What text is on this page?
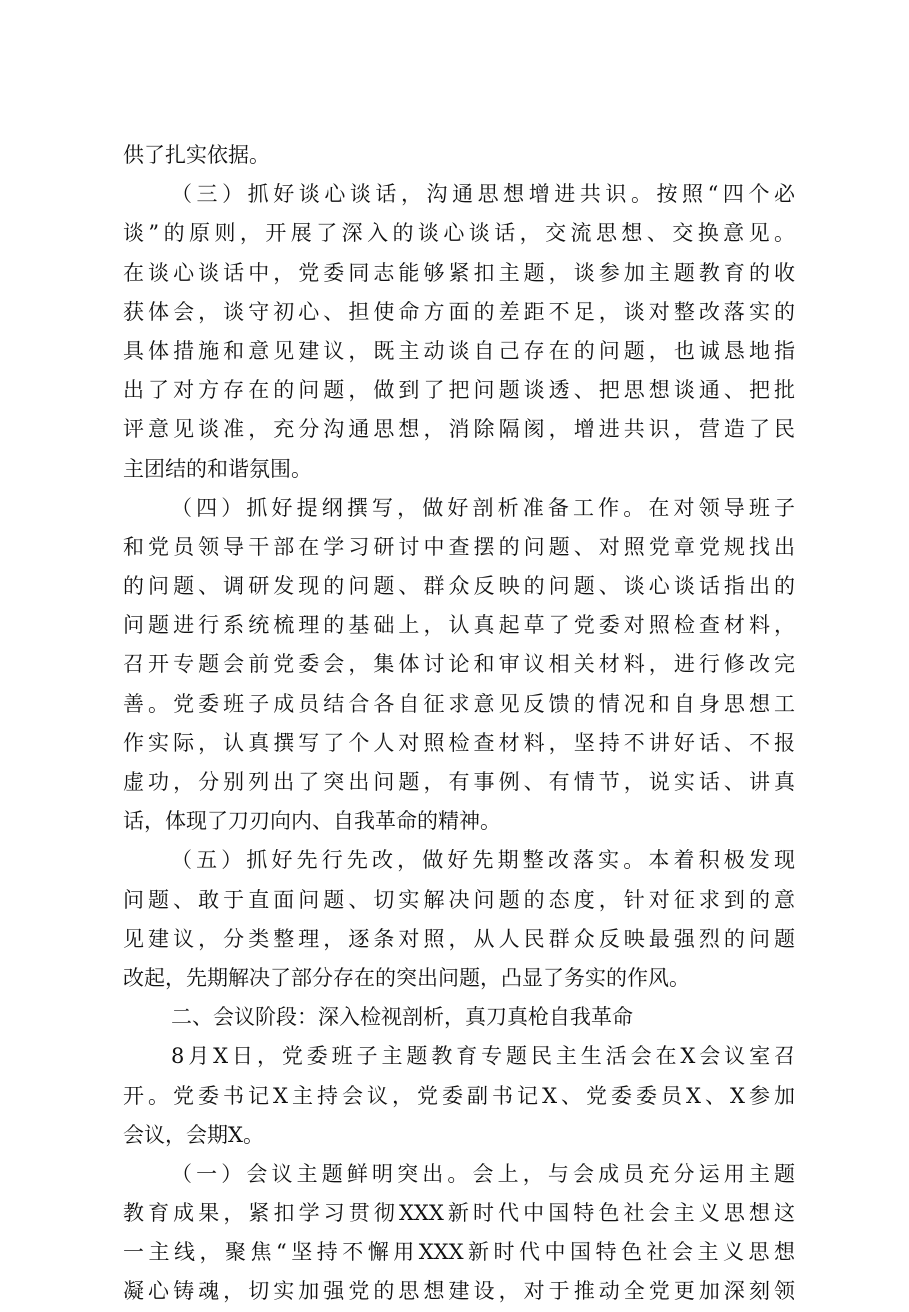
供了扎实依据。
（三）抓好谈心谈话，沟通思想增进共识。按照“四个必
谈”的原则，开展了深入的谈心谈话，交流思想、交换意见。
在谈心谈话中，党委同志能够紧扣主题，谈参加主题教育的收
获体会，谈守初心、担使命方面的差距不足，谈对整改落实的
具体措施和意见建议，既主动谈自己存在的问题，也诚恳地指
出了对方存在的问题，做到了把问题谈透、把思想谈通、把批
评意见谈准，充分沟通思想，消除隔阂，增进共识，营造了民
主团结的和谐氛围。
（四）抓好提纲撰写，做好剖析准备工作。在对领导班子
和党员领导干部在学习研讨中查摆的问题、对照党章党规找出
的问题、调研发现的问题、群众反映的问题、谈心谈话指出的
问题进行系统梳理的基础上，认真起草了党委对照检查材料，
召开专题会前党委会，集体讨论和审议相关材料，进行修改完
善。党委班子成员结合各自征求意见反馈的情况和自身思想工
作实际，认真撰写了个人对照检查材料，坚持不讲好话、不报
虚功，分别列出了突出问题，有事例、有情节，说实话、讲真
话，体现了刀刃向内、自我革命的精神。
（五）抓好先行先改，做好先期整改落实。本着积极发现
问题、敢于直面问题、切实解决问题的态度，针对征求到的意
见建议，分类整理，逐条对照，从人民群众反映最强烈的问题
改起，先期解决了部分存在的突出问题，凸显了务实的作风。
二、会议阶段：深入检视剖析，真刀真枪自我革命
8月X日，党委班子主题教育专题民主生活会在X会议室召
开。党委书记X主持会议，党委副书记X、党委委员X、X参加
会议，会期X。
（一）会议主题鲜明突出。会上，与会成员充分运用主题
教育成果，紧扣学习贯彻XXX新时代中国特色社会主义思想这
一主线，聚焦“坚持不懈用XXX新时代中国特色社会主义思想
凝心铸魂，切实加强党的思想建设，对于推动全党更加深刻领
